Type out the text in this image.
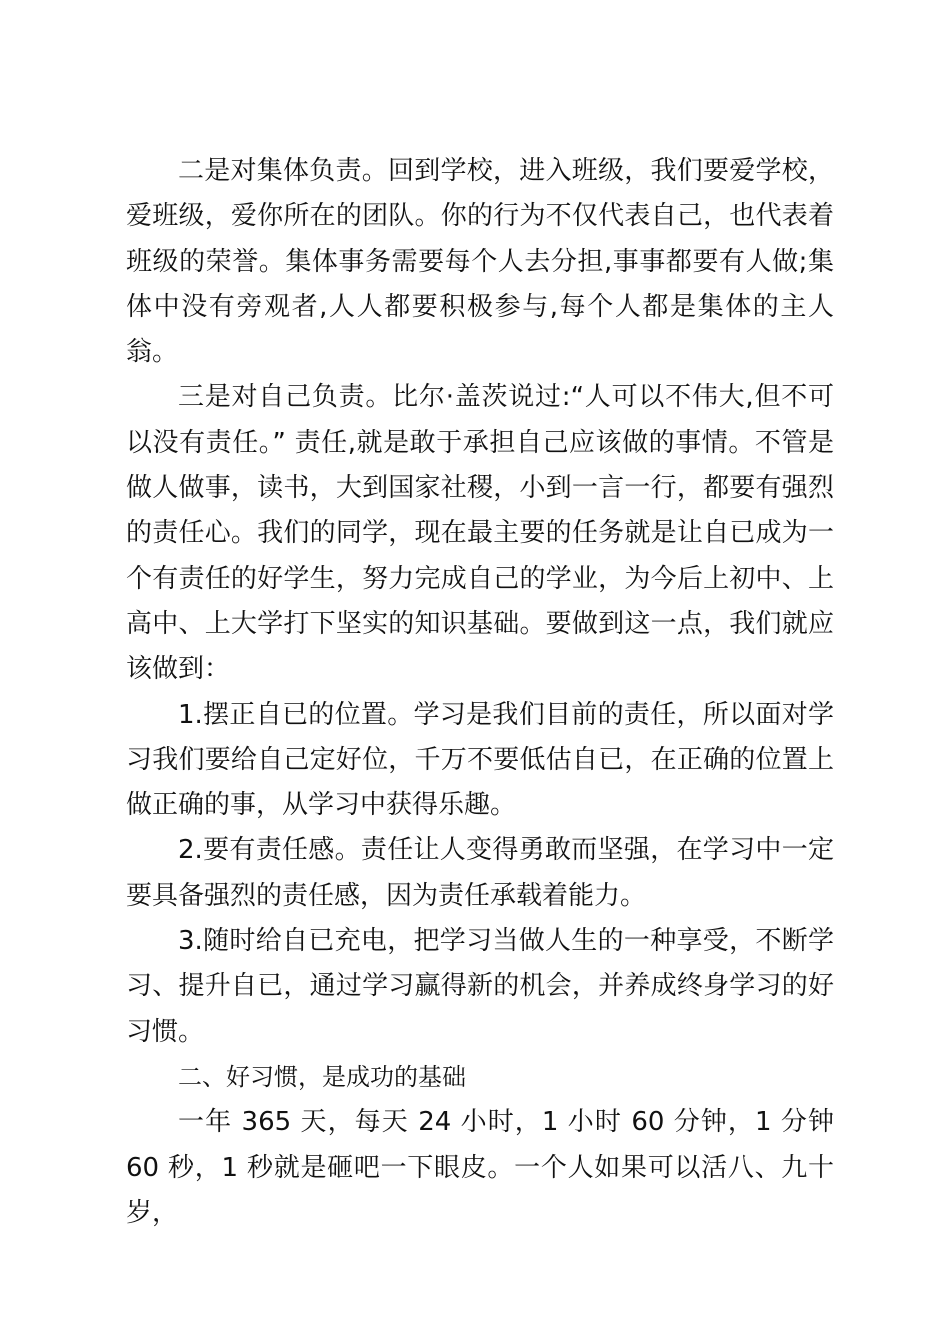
二是对集体负责。回到学校，进入班级，我们要爱学校，爱班级，爱你所在的团队。你的行为不仅代表自己，也代表着班级的荣誉。集体事务需要每个人去分担,事事都要有人做;集体中没有旁观者,人人都要积极参与,每个人都是集体的主人翁。

三是对自己负责。比尔·盖茨说过:“人可以不伟大,但不可以没有责任。” 责任,就是敢于承担自己应该做的事情。不管是做人做事，读书，大到国家社稷，小到一言一行，都要有强烈的责任心。我们的同学，现在最主要的任务就是让自已成为一个有责任的好学生，努力完成自己的学业，为今后上初中、上高中、上大学打下坚实的知识基础。要做到这一点，我们就应该做到：

1.摆正自已的位置。学习是我们目前的责任，所以面对学习我们要给自己定好位，千万不要低估自已，在正确的位置上做正确的事，从学习中获得乐趣。

2.要有责任感。责任让人变得勇敢而坚强，在学习中一定要具备强烈的责任感，因为责任承载着能力。

3.随时给自已充电，把学习当做人生的一种享受，不断学习、提升自已，通过学习赢得新的机会，并养成终身学习的好习惯。

二、好习惯，是成功的基础

一年 365 天，每天 24 小时，1 小时 60 分钟，1 分钟 60 秒，1 秒就是砸吧一下眼皮。一个人如果可以活八、九十岁，
